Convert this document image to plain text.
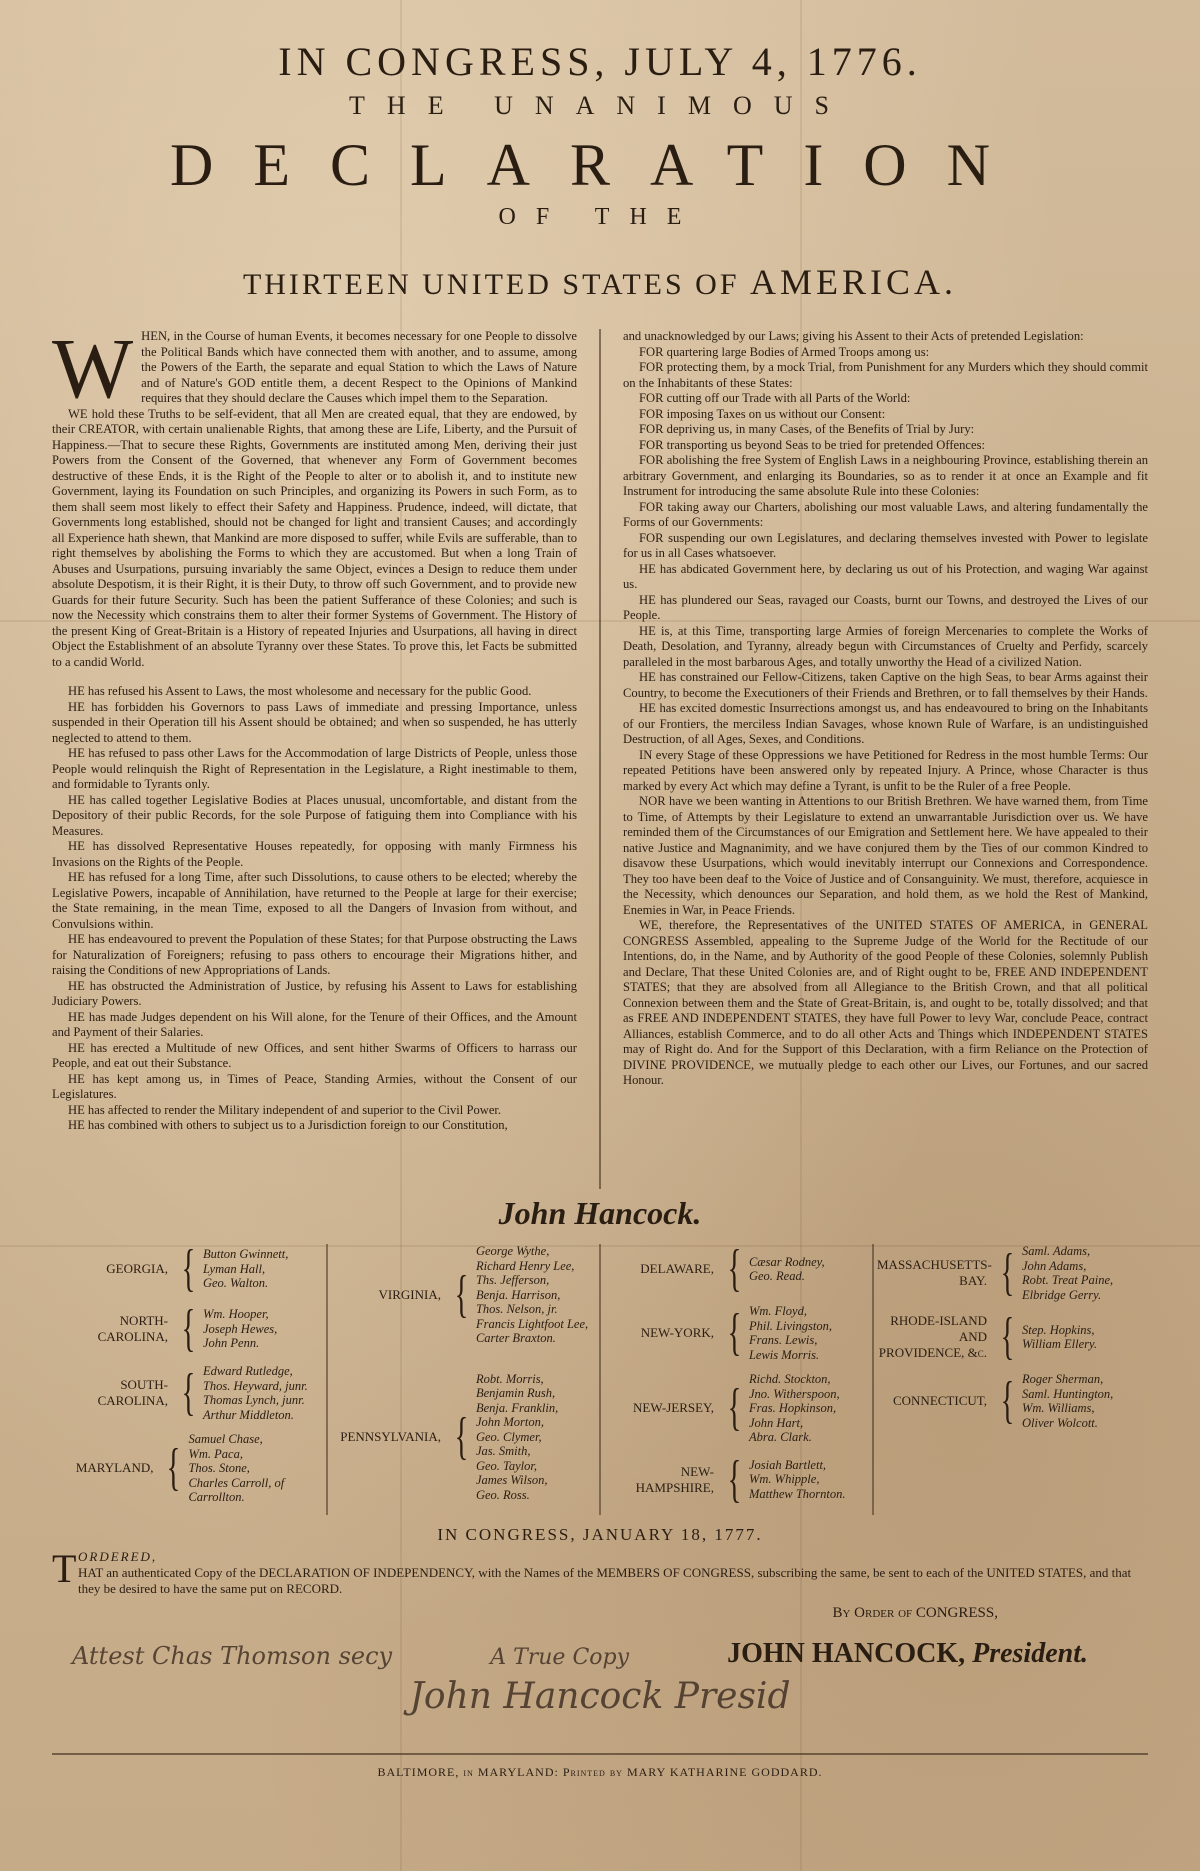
IN CONGRESS, JULY 4, 1776.
THE UNANIMOUS
DECLARATION
OF THE
THIRTEEN UNITED STATES OF AMERICA.

WHEN, in the Course of human Events, it becomes necessary for one People to dissolve the Political Bands which have connected them with another, and to assume, among the Powers of the Earth, the separate and equal Station to which the Laws of Nature and of Nature's GOD entitle them, a decent Respect to the Opinions of Mankind requires that they should declare the Causes which impel them to the Separation.

WE hold these Truths to be self-evident, that all Men are created equal, that they are endowed, by their CREATOR, with certain unalienable Rights, that among these are Life, Liberty, and the Pursuit of Happiness.—That to secure these Rights, Governments are instituted among Men, deriving their just Powers from the Consent of the Governed, that whenever any Form of Government becomes destructive of these Ends, it is the Right of the People to alter or to abolish it, and to institute new Government, laying its Foundation on such Principles, and organizing its Powers in such Form, as to them shall seem most likely to effect their Safety and Happiness. Prudence, indeed, will dictate, that Governments long established, should not be changed for light and transient Causes; and accordingly all Experience hath shewn, that Mankind are more disposed to suffer, while Evils are sufferable, than to right themselves by abolishing the Forms to which they are accustomed. But when a long Train of Abuses and Usurpations, pursuing invariably the same Object, evinces a Design to reduce them under absolute Despotism, it is their Right, it is their Duty, to throw off such Government, and to provide new Guards for their future Security. Such has been the patient Sufferance of these Colonies; and such is now the Necessity which constrains them to alter their former Systems of Government. The History of the present King of Great-Britain is a History of repeated Injuries and Usurpations, all having in direct Object the Establishment of an absolute Tyranny over these States. To prove this, let Facts be submitted to a candid World.

HE has refused his Assent to Laws, the most wholesome and necessary for the public Good.

HE has forbidden his Governors to pass Laws of immediate and pressing Importance, unless suspended in their Operation till his Assent should be obtained; and when so suspended, he has utterly neglected to attend to them.

HE has refused to pass other Laws for the Accommodation of large Districts of People, unless those People would relinquish the Right of Representation in the Legislature, a Right inestimable to them, and formidable to Tyrants only.

HE has called together Legislative Bodies at Places unusual, uncomfortable, and distant from the Depository of their public Records, for the sole Purpose of fatiguing them into Compliance with his Measures.

HE has dissolved Representative Houses repeatedly, for opposing with manly Firmness his Invasions on the Rights of the People.

HE has refused for a long Time, after such Dissolutions, to cause others to be elected; whereby the Legislative Powers, incapable of Annihilation, have returned to the People at large for their exercise; the State remaining, in the mean Time, exposed to all the Dangers of Invasion from without, and Convulsions within.

HE has endeavoured to prevent the Population of these States; for that Purpose obstructing the Laws for Naturalization of Foreigners; refusing to pass others to encourage their Migrations hither, and raising the Conditions of new Appropriations of Lands.

HE has obstructed the Administration of Justice, by refusing his Assent to Laws for establishing Judiciary Powers.

HE has made Judges dependent on his Will alone, for the Tenure of their Offices, and the Amount and Payment of their Salaries.

HE has erected a Multitude of new Offices, and sent hither Swarms of Officers to harrass our People, and eat out their Substance.

HE has kept among us, in Times of Peace, Standing Armies, without the Consent of our Legislatures.

HE has affected to render the Military independent of and superior to the Civil Power.

HE has combined with others to subject us to a Jurisdiction foreign to our Constitution,

and unacknowledged by our Laws; giving his Assent to their Acts of pretended Legislation:

FOR quartering large Bodies of Armed Troops among us:

FOR protecting them, by a mock Trial, from Punishment for any Murders which they should commit on the Inhabitants of these States:

FOR cutting off our Trade with all Parts of the World:

FOR imposing Taxes on us without our Consent:

FOR depriving us, in many Cases, of the Benefits of Trial by Jury:

FOR transporting us beyond Seas to be tried for pretended Offences:

FOR abolishing the free System of English Laws in a neighbouring Province, establishing therein an arbitrary Government, and enlarging its Boundaries, so as to render it at once an Example and fit Instrument for introducing the same absolute Rule into these Colonies:

FOR taking away our Charters, abolishing our most valuable Laws, and altering fundamentally the Forms of our Governments:

FOR suspending our own Legislatures, and declaring themselves invested with Power to legislate for us in all Cases whatsoever.

HE has abdicated Government here, by declaring us out of his Protection, and waging War against us.

HE has plundered our Seas, ravaged our Coasts, burnt our Towns, and destroyed the Lives of our People.

HE is, at this Time, transporting large Armies of foreign Mercenaries to complete the Works of Death, Desolation, and Tyranny, already begun with Circumstances of Cruelty and Perfidy, scarcely paralleled in the most barbarous Ages, and totally unworthy the Head of a civilized Nation.

HE has constrained our Fellow-Citizens, taken Captive on the high Seas, to bear Arms against their Country, to become the Executioners of their Friends and Brethren, or to fall themselves by their Hands.

HE has excited domestic Insurrections amongst us, and has endeavoured to bring on the Inhabitants of our Frontiers, the merciless Indian Savages, whose known Rule of Warfare, is an undistinguished Destruction, of all Ages, Sexes, and Conditions.

IN every Stage of these Oppressions we have Petitioned for Redress in the most humble Terms: Our repeated Petitions have been answered only by repeated Injury. A Prince, whose Character is thus marked by every Act which may define a Tyrant, is unfit to be the Ruler of a free People.

NOR have we been wanting in Attentions to our British Brethren. We have warned them, from Time to Time, of Attempts by their Legislature to extend an unwarrantable Jurisdiction over us. We have reminded them of the Circumstances of our Emigration and Settlement here. We have appealed to their native Justice and Magnanimity, and we have conjured them by the Ties of our common Kindred to disavow these Usurpations, which would inevitably interrupt our Connexions and Correspondence. They too have been deaf to the Voice of Justice and of Consanguinity. We must, therefore, acquiesce in the Necessity, which denounces our Separation, and hold them, as we hold the Rest of Mankind, Enemies in War, in Peace Friends.

WE, therefore, the Representatives of the UNITED STATES OF AMERICA, in GENERAL CONGRESS Assembled, appealing to the Supreme Judge of the World for the Rectitude of our Intentions, do, in the Name, and by Authority of the good People of these Colonies, solemnly Publish and Declare, That these United Colonies are, and of Right ought to be, FREE AND INDEPENDENT STATES; that they are absolved from all Allegiance to the British Crown, and that all political Connexion between them and the State of Great-Britain, is, and ought to be, totally dissolved; and that as FREE AND INDEPENDENT STATES, they have full Power to levy War, conclude Peace, contract Alliances, establish Commerce, and to do all other Acts and Things which INDEPENDENT STATES may of Right do. And for the Support of this Declaration, with a firm Reliance on the Protection of DIVINE PROVIDENCE, we mutually pledge to each other our Lives, our Fortunes, and our sacred Honour.

John Hancock.
GEORGIA, { Button Gwinnett,
Lyman Hall,
Geo. Walton.
NORTH-CAROLINA, { Wm. Hooper,
Joseph Hewes,
John Penn.
SOUTH-CAROLINA, { Edward Rutledge,
Thos. Heyward, junr.
Thomas Lynch, junr.
Arthur Middleton.
MARYLAND, {
Samuel Chase,
Wm. Paca,
Thos. Stone,
Charles Carroll, of Carrollton.
VIRGINIA, {
George Wythe,
Richard Henry Lee,
Ths. Jefferson,
Benja. Harrison,
Thos. Nelson, jr.
Francis Lightfoot Lee,
Carter Braxton.
PENNSYLVANIA, {
Robt. Morris,
Benjamin Rush,
Benja. Franklin,
John Morton,
Geo. Clymer,
Jas. Smith,
Geo. Taylor,
James Wilson,
Geo. Ross.
DELAWARE, { Cæsar Rodney,
Geo. Read.
NEW-YORK, { Wm. Floyd,
Phil. Livingston,
Frans. Lewis,
Lewis Morris.
NEW-JERSEY, {
Richd. Stockton,
Jno. Witherspoon,
Fras. Hopkinson,
John Hart,
Abra. Clark.
NEW-HAMPSHIRE, { Josiah Bartlett,
Wm. Whipple,
Matthew Thornton.
MASSACHUSETTS-BAY. { Saml. Adams,
John Adams,
Robt. Treat Paine,
Elbridge Gerry.
RHODE-ISLAND AND PROVIDENCE, &c. { Step. Hopkins,
William Ellery.
CONNECTICUT, { Roger Sherman,
Saml. Huntington,
Wm. Williams,
Oliver Wolcott.
IN CONGRESS, JANUARY 18, 1777.
T ORDERED,
HAT an authenticated Copy of the DECLARATION OF INDEPENDENCY, with the Names of the MEMBERS OF CONGRESS, subscribing the same, be sent to each of the UNITED STATES, and that they be desired to have the same put on RECORD.
By Order of CONGRESS,
Attest Chas Thomson secy	A True Copy	JOHN HANCOCK, President.
John Hancock Presid
BALTIMORE, in MARYLAND: Printed by MARY KATHARINE GODDARD.
